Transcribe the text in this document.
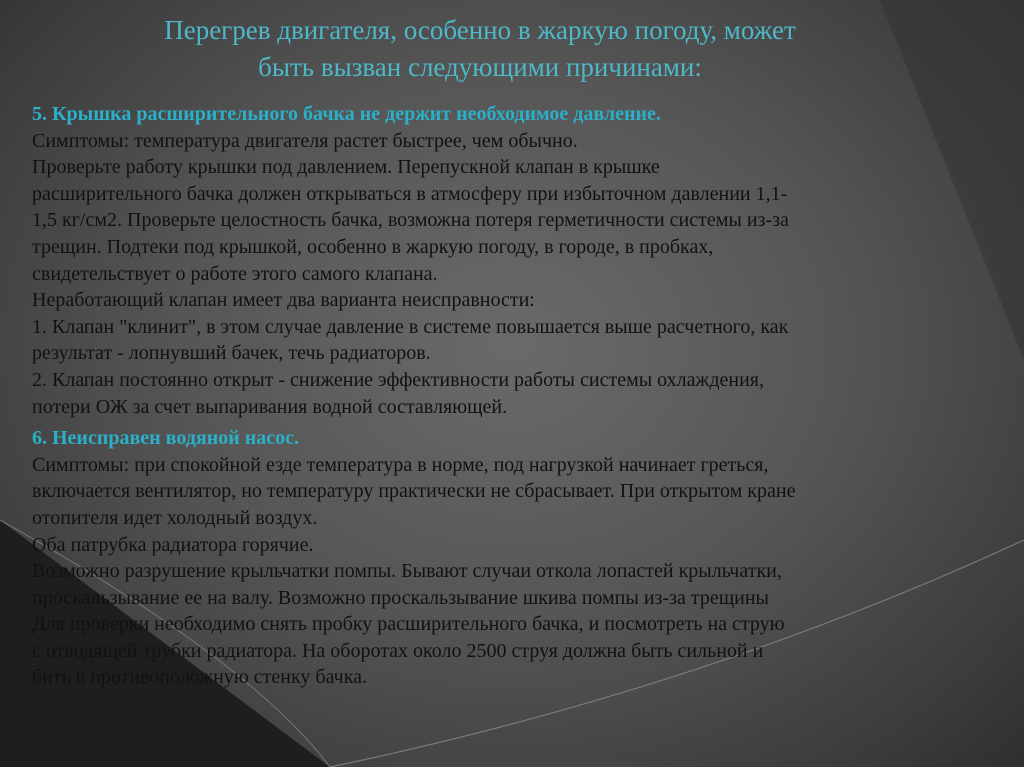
Перегрев двигателя, особенно в жаркую погоду, может
быть вызван следующими причинами:
5. Крышка расширительного бачка не держит необходимое давление.
Симптомы: температура двигателя растет быстрее, чем обычно.
Проверьте работу крышки под давлением. Перепускной клапан в крышке
расширительного бачка должен открываться в атмосферу при избыточном давлении 1,1-
1,5 кг/см2. Проверьте целостность бачка, возможна потеря герметичности системы из-за
трещин. Подтеки под крышкой, особенно в жаркую погоду, в городе, в пробках,
свидетельствует о работе этого самого клапана.
Неработающий клапан имеет два варианта неисправности:
1. Клапан "клинит", в этом случае давление в системе повышается выше расчетного, как
результат - лопнувший бачек, течь радиаторов.
2. Клапан постоянно открыт - снижение эффективности работы системы охлаждения,
потери ОЖ за счет выпаривания водной составляющей.
6. Неисправен водяной насос.
Симптомы: при спокойной езде температура в норме, под нагрузкой начинает греться,
включается вентилятор, но температуру практически не сбрасывает. При открытом кране
отопителя идет холодный воздух.
Оба патрубка радиатора горячие.
Возможно разрушение крыльчатки помпы. Бывают случаи откола лопастей крыльчатки,
проскальзывание ее на валу. Возможно проскальзывание шкива помпы из-за трещины
Для проверки необходимо снять пробку расширительного бачка, и посмотреть на струю
с отводящей трубки радиатора. На оборотах около 2500 струя должна быть сильной и
бить в противоположную стенку бачка.
